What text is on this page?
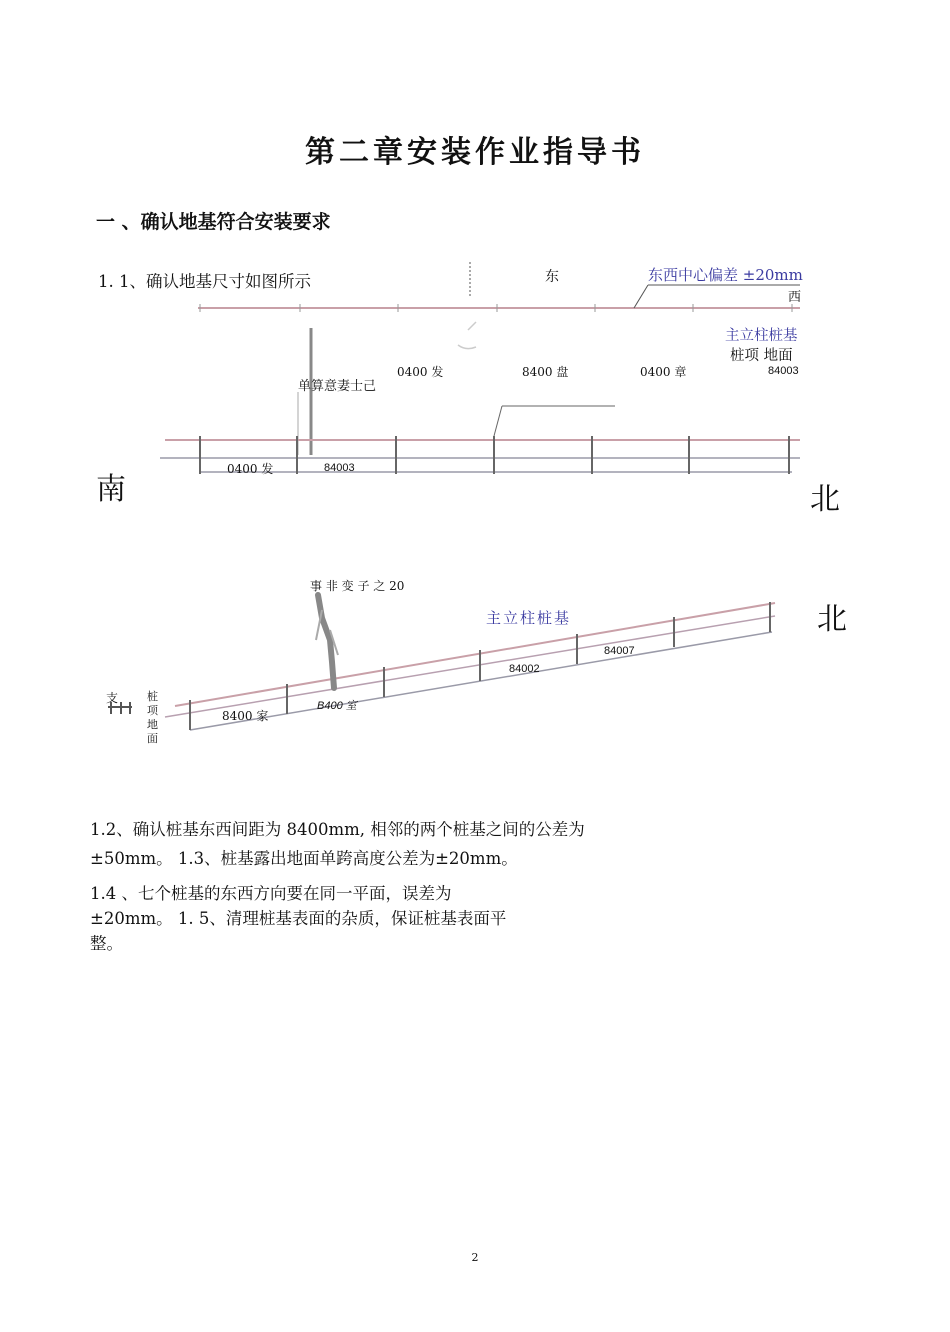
第二章安装作业指导书
一 、确认地基符合安装要求
1. 1、确认地基尺寸如图所示	东	东西中心偏差 ±20mm
西
主立柱桩基
桩项 地面
0400 发	8400 盘	0400 章	84003
单算意妻士己
0400 发	84003
南	北
北
事 非 变 子 之 20
主立柱桩基
84007
84002
B400 室
8400 家
支	桩
项
地
面
1.2、确认桩基东西间距为 8400mm, 相邻的两个桩基之间的公差为
±50mm。 1.3、桩基露出地面单跨高度公差为±20mm。
1.4 、七个桩基的东西方向要在同一平面，误差为
±20mm。 1. 5、清理桩基表面的杂质，保证桩基表面平
整。
2
